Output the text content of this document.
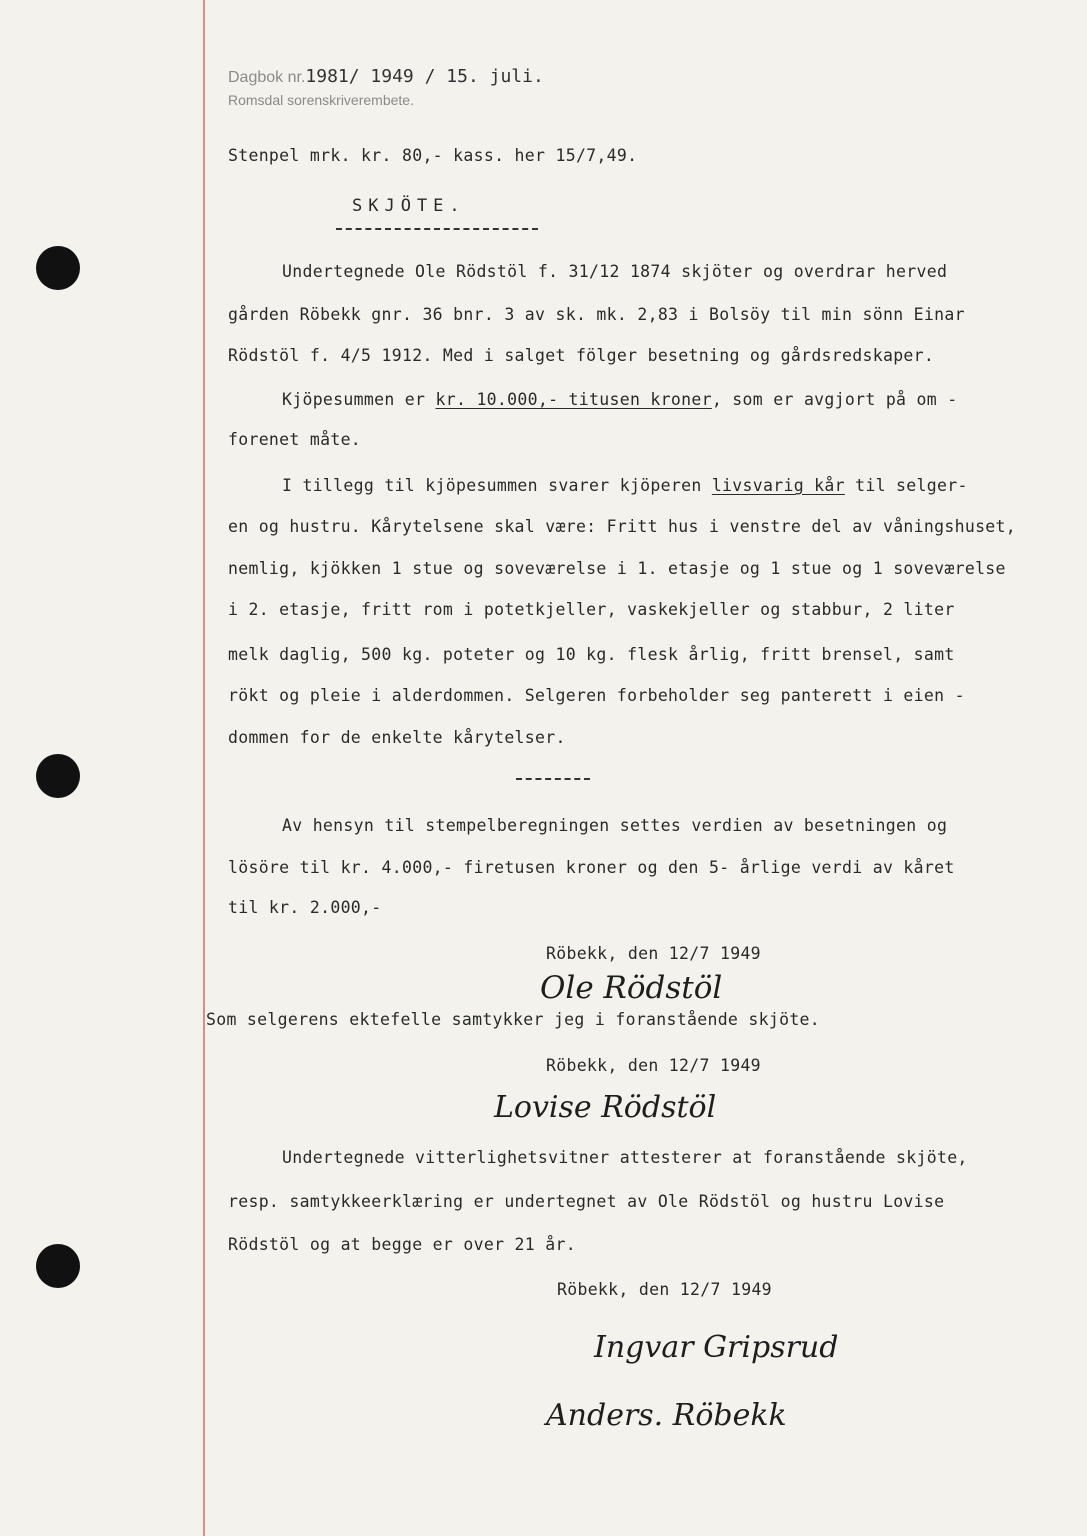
Dagbok nr.1981/ 1949 / 15. juli.
Romsdal sorenskriverembete.
Stenpel mrk. kr. 80,- kass. her 15/7,49.
SKJÖTE.
Undertegnede Ole Rödstöl f. 31/12 1874 skjöter og overdrar herved
gården Röbekk gnr. 36 bnr. 3 av sk. mk. 2,83 i Bolsöy til min sönn Einar
Rödstöl f. 4/5 1912. Med i salget fölger besetning og gårdsredskaper.
Kjöpesummen er kr. 10.000,- titusen kroner, som er avgjort på om -
forenet måte.
I tillegg til kjöpesummen svarer kjöperen livsvarig kår til selger-
en og hustru. Kårytelsene skal være: Fritt hus i venstre del av våningshuset,
nemlig, kjökken 1 stue og soveværelse i 1. etasje og 1 stue og 1 soveværelse
i 2. etasje, fritt rom i potetkjeller, vaskekjeller og stabbur, 2 liter
melk daglig, 500 kg. poteter og 10 kg. flesk årlig, fritt brensel, samt
rökt og pleie i alderdommen. Selgeren forbeholder seg panterett i eien -
dommen for de enkelte kårytelser.
Av hensyn til stempelberegningen settes verdien av besetningen og
lösöre til kr. 4.000,- firetusen kroner og den 5- årlige verdi av kåret
til kr. 2.000,-
Röbekk, den 12/7 1949
Ole Rödstöl
Som selgerens ektefelle samtykker jeg i foranstående skjöte.
Röbekk, den 12/7 1949
Lovise Rödstöl
Undertegnede vitterlighetsvitner attesterer at foranstående skjöte,
resp. samtykkeerklæring er undertegnet av Ole Rödstöl og hustru Lovise
Rödstöl og at begge er over 21 år.
Röbekk, den 12/7 1949
Ingvar Gripsrud
Anders. Röbekk
